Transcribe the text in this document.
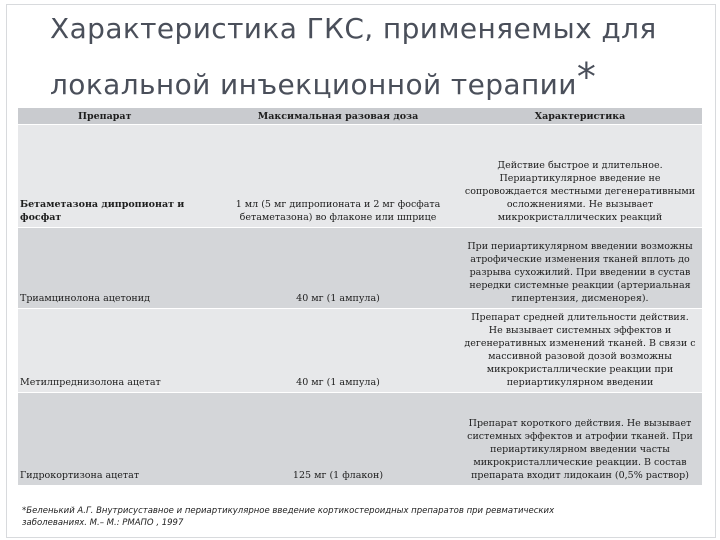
Характеристика ГКС, применяемых для
локальной инъекционной терапии*
Препарат	Максимальная разовая доза	Характеристика
Бетаметазона дипропионат и фосфат	1 мл (5 мг дипропионата и 2 мг фосфата бетаметазона) во флаконе или шприце	Действие быстрое и длительное. Периартикулярное введение не сопровождается местными дегенеративными осложнениями. Не вызывает микрокристаллических реакций
Триамцинолона ацетонид	40 мг (1 ампула)	При периартикулярном введении возможны атрофические изменения тканей вплоть до разрыва сухожилий. При введении в сустав нередки системные реакции (артериальная гипертензия, дисменорея).
Метилпреднизолона ацетат	40 мг (1 ампула)	Препарат средней длительности действия. Не вызывает системных эффектов и дегенеративных изменений тканей. В связи с массивной разовой дозой возможны микрокристаллические реакции при периартикулярном введении
Гидрокортизона ацетат	125 мг (1 флакон)	Препарат короткого действия. Не вызывает системных эффектов и атрофии тканей. При периартикулярном введении часты микрокристаллические реакции. В состав препарата входит лидокаин (0,5% раствор)
*Беленький А.Г. Внутрисуставное и периартикулярное введение кортикостероидных препаратов при ревматических заболеваниях. М.– М.: РМАПО , 1997
